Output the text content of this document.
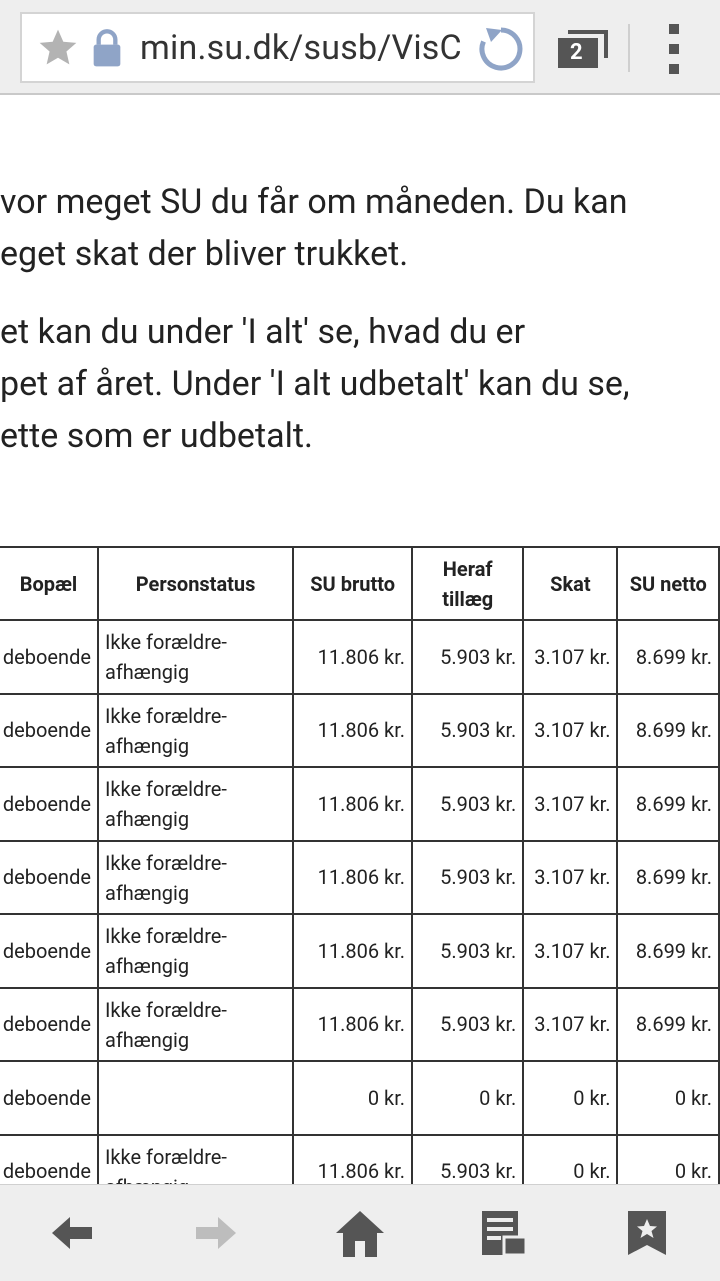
min.su.dk/susb/VisC	2
vor meget SU du får om måneden. Du kan
eget skat der bliver trukket.
et kan du under 'I alt' se, hvad du er
pet af året. Under 'I alt udbetalt' kan du se,
ette som er udbetalt.
Bopæl	Personstatus	SU brutto	Heraf tillæg	Skat	SU netto
deboende	Ikke forældre-afhængig	11.806 kr.	5.903 kr.	3.107 kr.	8.699 kr.
deboende	Ikke forældre-afhængig	11.806 kr.	5.903 kr.	3.107 kr.	8.699 kr.
deboende	Ikke forældre-afhængig	11.806 kr.	5.903 kr.	3.107 kr.	8.699 kr.
deboende	Ikke forældre-afhængig	11.806 kr.	5.903 kr.	3.107 kr.	8.699 kr.
deboende	Ikke forældre-afhængig	11.806 kr.	5.903 kr.	3.107 kr.	8.699 kr.
deboende	Ikke forældre-afhængig	11.806 kr.	5.903 kr.	3.107 kr.	8.699 kr.
deboende		0 kr.	0 kr.	0 kr.	0 kr.
deboende	Ikke forældre-	11.806 kr.	5.903 kr.	0 kr.	0 kr.
